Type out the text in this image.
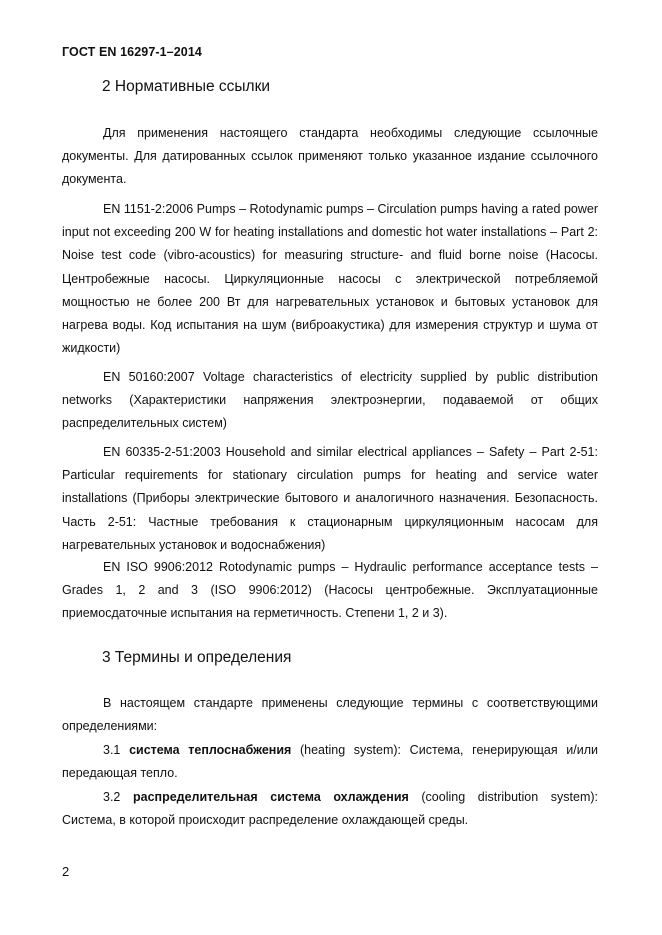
ГОСТ EN 16297-1–2014
2 Нормативные ссылки

Для применения настоящего стандарта необходимы следующие ссылочные документы. Для датированных ссылок применяют только указанное издание ссылочного документа.

EN 1151-2:2006 Pumps – Rotodynamic pumps – Circulation pumps having a rated power input not exceeding 200 W for heating installations and domestic hot water installations – Part 2: Noise test code (vibro-acoustics) for measuring structure- and fluid borne noise (Насосы. Центробежные насосы. Циркуляционные насосы с электрической потребляемой мощностью не более 200 Вт для нагревательных установок и бытовых установок для нагрева воды. Код испытания на шум (виброакустика) для измерения структур и шума от жидкости)

EN 50160:2007 Voltage characteristics of electricity supplied by public distribution networks (Характеристики напряжения электроэнергии, подаваемой от общих распределительных систем)

EN 60335-2-51:2003 Household and similar electrical appliances – Safety – Part 2-51: Particular requirements for stationary circulation pumps for heating and service water installations (Приборы электрические бытового и аналогичного назначения. Безопасность. Часть 2-51: Частные требования к стационарным циркуляционным насосам для нагревательных установок и водоснабжения)

EN ISO 9906:2012 Rotodynamic pumps – Hydraulic performance acceptance tests – Grades 1, 2 and 3 (ISO 9906:2012) (Насосы центробежные. Эксплуатационные приемосдаточные испытания на герметичность. Степени 1, 2 и 3).

3 Термины и определения

В настоящем стандарте применены следующие термины с соответствующими определениями:

3.1 система теплоснабжения (heating system): Система, генерирующая и/или передающая тепло.

3.2 распределительная система охлаждения (cooling distribution system): Система, в которой происходит распределение охлаждающей среды.

2
